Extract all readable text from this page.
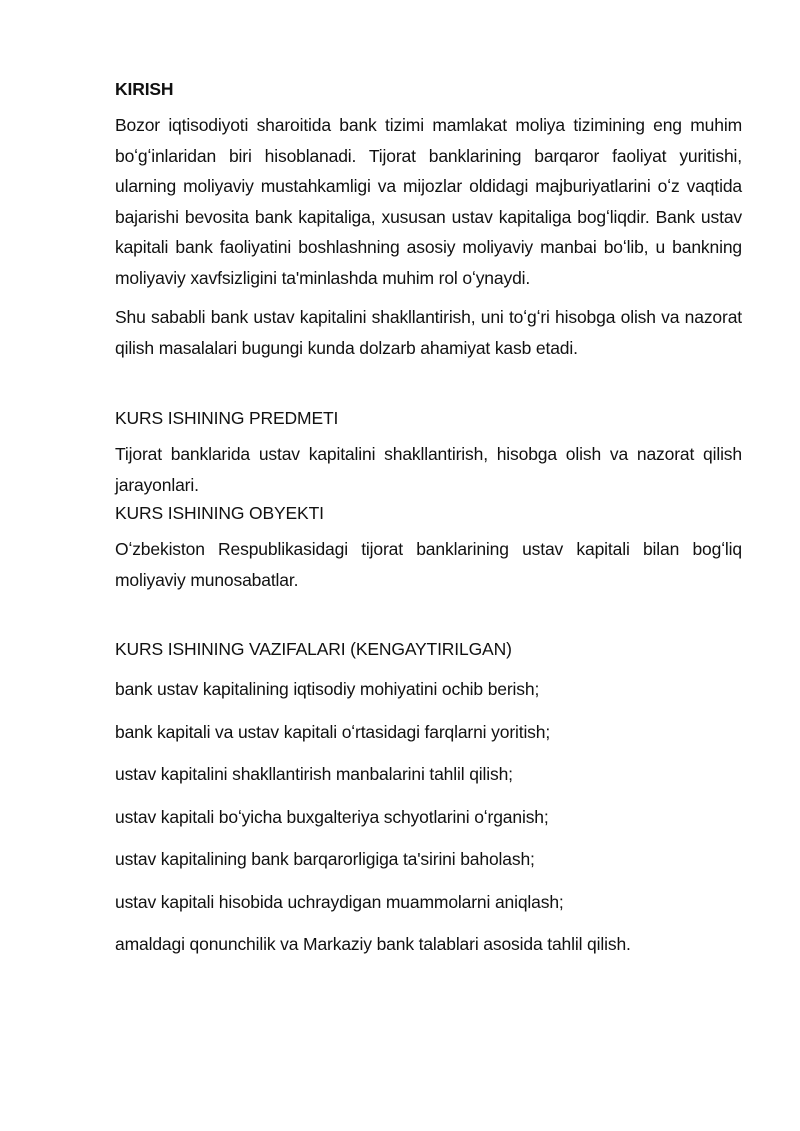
KIRISH

Bozor iqtisodiyoti sharoitida bank tizimi mamlakat moliya tizimining eng muhim boʻgʻinlaridan biri hisoblanadi. Tijorat banklarining barqaror faoliyat yuritishi, ularning moliyaviy mustahkamligi va mijozlar oldidagi majburiyatlarini oʻz vaqtida bajarishi bevosita bank kapitaliga, xususan ustav kapitaliga bogʻliqdir. Bank ustav kapitali bank faoliyatini boshlashning asosiy moliyaviy manbai boʻlib, u bankning moliyaviy xavfsizligini ta'minlashda muhim rol oʻynaydi.

Shu sababli bank ustav kapitalini shakllantirish, uni toʻgʻri hisobga olish va nazorat qilish masalalari bugungi kunda dolzarb ahamiyat kasb etadi.

KURS ISHINING PREDMETI

Tijorat banklarida ustav kapitalini shakllantirish, hisobga olish va nazorat qilish jarayonlari.

KURS ISHINING OBYEKTI

Oʻzbekiston Respublikasidagi tijorat banklarining ustav kapitali bilan bogʻliq moliyaviy munosabatlar.

KURS ISHINING VAZIFALARI (KENGAYTIRILGAN)
bank ustav kapitalining iqtisodiy mohiyatini ochib berish;
bank kapitali va ustav kapitali oʻrtasidagi farqlarni yoritish;
ustav kapitalini shakllantirish manbalarini tahlil qilish;
ustav kapitali boʻyicha buxgalteriya schyotlarini oʻrganish;
ustav kapitalining bank barqarorligiga ta'sirini baholash;
ustav kapitali hisobida uchraydigan muammolarni aniqlash;
amaldagi qonunchilik va Markaziy bank talablari asosida tahlil qilish.
